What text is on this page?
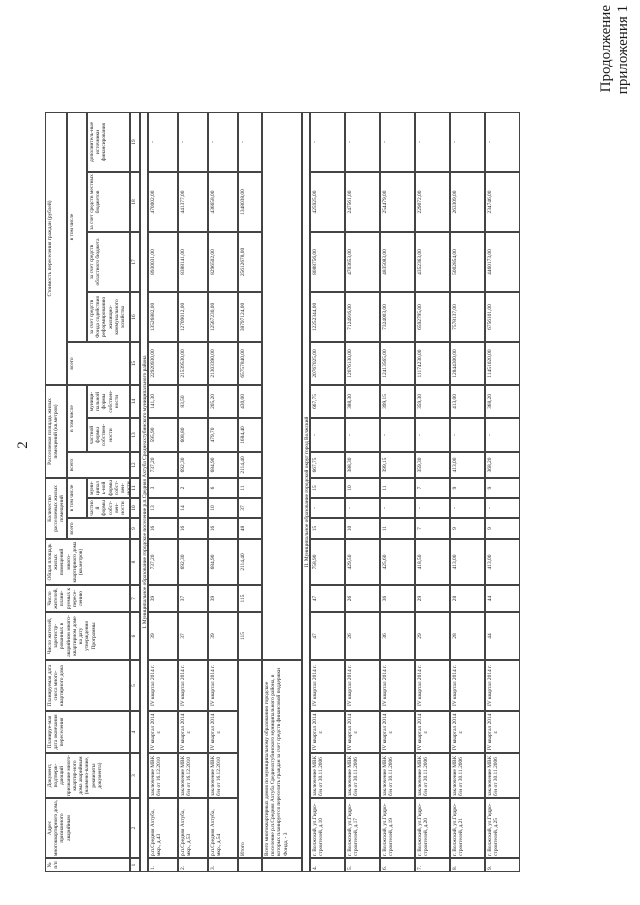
2
Продолжение приложения 1
№ п/п
Адрес многоквартирного дома, признанного аварийным
Документ, подтверж-дающий признание много-квартир-ного дома аварийным (наимено-вание, реквизиты документа)
Планируе-мая дата окончания переселения
Планируемая дата сноса много-квартирного дома
Число жителей, зарегистр-рованных в аварийном много-квартирном доме на дату утверждения Программы
Число жителей, плани-руемых к пересе-лению
Общая площадь жилых помещений много-квартирного дома (кв.метров)
Количество расселяемых жилых помещений
всего
в том числе	частной формы собст-вен-ности
муни-ципаль-ной формы собст-вен-ности
Расселяемая площадь жилых помещений (кв.метров)
всего
в том числе
частной формы собствен-ности
муници-пальной формы собствен-ности
Стоимость переселения граждан (рублей)
всего
в том числе
за счет средств Фонда содействия реформированию жилищно-коммунального хозяйства
за счет средств областного бюджета
за счет средств местных бюджетов
дополнитель-ные источники финансирования
1
2
3
4
5
6
7
8
9
10
11
12
13
14
15
16
17
18
19
I. Муниципальное образование городское поселение р.п.Средняя Ахтуба Среднеахтубинского муниципального района
1.
р.п.Средняя Ахтуба, мкр., д.43
заключение МВК б/н от 16.12.2010
IV квартал 2014 г.
IV квартал 2014 г.
39
39
737,20
16
13
3
737,20
595,90
141,30
22920930,00
13526882,00
8930031,00
470002,00
-
2.
р.п.Средняя Ахтуба, мкр., д.53
заключение МВК б/н от 16.12.2010
IV квартал 2014 г.
IV квартал 2014 г.
37
37
692,30
16
14
2
692,30
608,80
83,50
21539530,00
12709012,00
8388141,00
441377,00
-
3.
р.п.Средняя Ахтуба, мкр., д.54
заключение МВК б/н от 16.12.2010
IV квартал 2014 г.
IV квартал 2014 г.
39
39
684,90
16
10
6
684,90
479,70
205,20
21303390,00
12567230,00
8296502,00
436658,00
-
Итого
115
115
2114,40
48
37
11
2114,40
1684,40
430,00
65757840,00
38797124,00
25612678,00
1348038,00
-
Всего многоквартирных домов по муниципальному образованию городское поселение р.п.Средняя Ахтуба Среднеахтубинского муниципального района, в которых планируется переселить граждан за счет средств финансовой поддержки Фонда, - 3
II. Муниципальное образование городской округ город Волжский
4.
г. Волжский, ул.Гидро-строителей, д.10
заключение МВК б/н от 30.11.2006
IV квартал 2014 г.
IV квартал 2014 г.
47
47
758,90
15
-
15
667,75
-
667,75
20767025,00
12252344,00
8088756,00
425925,00
-
5.
г. Волжский, ул.Гидро-строителей, д.17
заключение МВК б/н от 30.11.2006
IV квартал 2014 г.
IV квартал 2014 г.
26
26
429,50
10
-
10
388,30
-
388,30
12076130,00
7124916,00
4703653,00
247561,00
-
6.
г. Волжский, ул.Гидро-строителей, д.19
заключение МВК б/н от 30.11.2006
IV квартал 2014 г.
IV квартал 2014 г.
36
36
425,60
11
-
11
399,15
-
399,15
12413565,00
7324003,00
4835083,00
254479,00
-
7.
г. Волжский, ул.Гидро-строителей, д.20
заключение МВК б/н от 30.11.2006
IV квартал 2014 г.
IV квартал 2014 г.
29
29
418,50
7
-
7
359,30
-
359,30
11174230,00
6592795,00
4352363,00
229072,00
-
8.
г. Волжский, ул.Гидро-строителей, д.21
заключение МВК б/н от 30.11.2006
IV квартал 2014 г.
IV квартал 2014 г.
28
28
413,00
9
-
9
413,00
-
413,00
12844300,00
7578137,00
5002854,00
263309,00
-
9.
г. Волжский, ул.Гидро-строителей, д.25
заключение МВК б/н от 30.11.2006
IV квартал 2014 г.
IV квартал 2014 г.
44
44
413,00
9
-
9
368,20
-
368,20
11451020,00
6756101,00
4460173,00
234746,00
-
